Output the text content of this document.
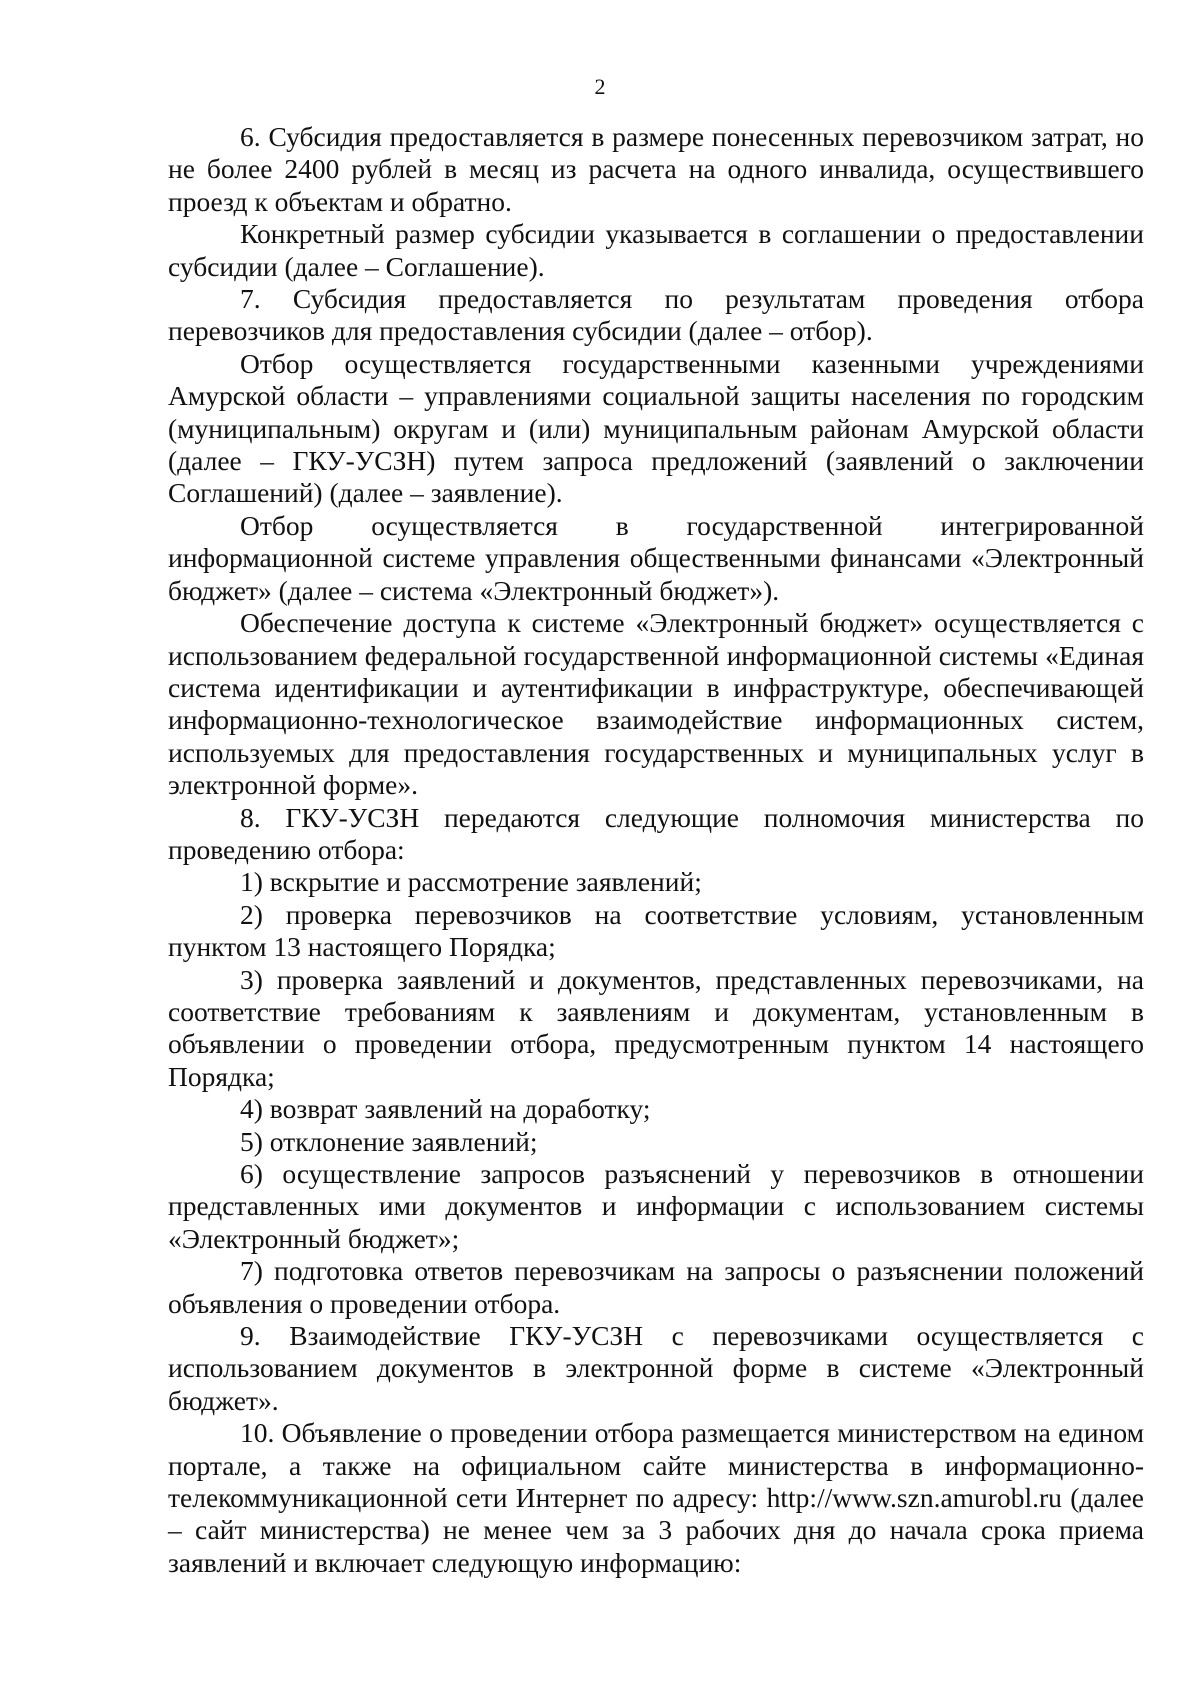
2

6. Субсидия предоставляется в размере понесенных перевозчиком затрат, но не более 2400 рублей в месяц из расчета на одного инвалида, осуществившего проезд к объектам и обратно.

Конкретный размер субсидии указывается в соглашении о предоставлении субсидии (далее – Соглашение).

7. Субсидия предоставляется по результатам проведения отбора перевозчиков для предоставления субсидии (далее – отбор).

Отбор осуществляется государственными казенными учреждениями Амурской области – управлениями социальной защиты населения по городским (муниципальным) округам и (или) муниципальным районам Амурской области (далее – ГКУ-УСЗН) путем запроса предложений (заявлений о заключении Соглашений) (далее – заявление).

Отбор осуществляется в государственной интегрированной информационной системе управления общественными финансами «Электронный бюджет» (далее – система «Электронный бюджет»).

Обеспечение доступа к системе «Электронный бюджет» осуществляется с использованием федеральной государственной информационной системы «Единая система идентификации и аутентификации в инфраструктуре, обеспечивающей информационно-технологическое взаимодействие информационных систем, используемых для предоставления государственных и муниципальных услуг в электронной форме».

8. ГКУ-УСЗН передаются следующие полномочия министерства по проведению отбора:

1) вскрытие и рассмотрение заявлений;

2) проверка перевозчиков на соответствие условиям, установленным пунктом 13 настоящего Порядка;

3) проверка заявлений и документов, представленных перевозчиками, на соответствие требованиям к заявлениям и документам, установленным в объявлении о проведении отбора, предусмотренным пунктом 14 настоящего Порядка;

4) возврат заявлений на доработку;

5) отклонение заявлений;

6) осуществление запросов разъяснений у перевозчиков в отношении представленных ими документов и информации с использованием системы «Электронный бюджет»;

7) подготовка ответов перевозчикам на запросы о разъяснении положений объявления о проведении отбора.

9. Взаимодействие ГКУ-УСЗН с перевозчиками осуществляется с использованием документов в электронной форме в системе «Электронный бюджет».

10. Объявление о проведении отбора размещается министерством на едином портале, а также на официальном сайте министерства в информационно-телекоммуникационной сети Интернет по адресу: http://www.szn.amurobl.ru (далее – сайт министерства) не менее чем за 3 рабочих дня до начала срока приема заявлений и включает следующую информацию:
